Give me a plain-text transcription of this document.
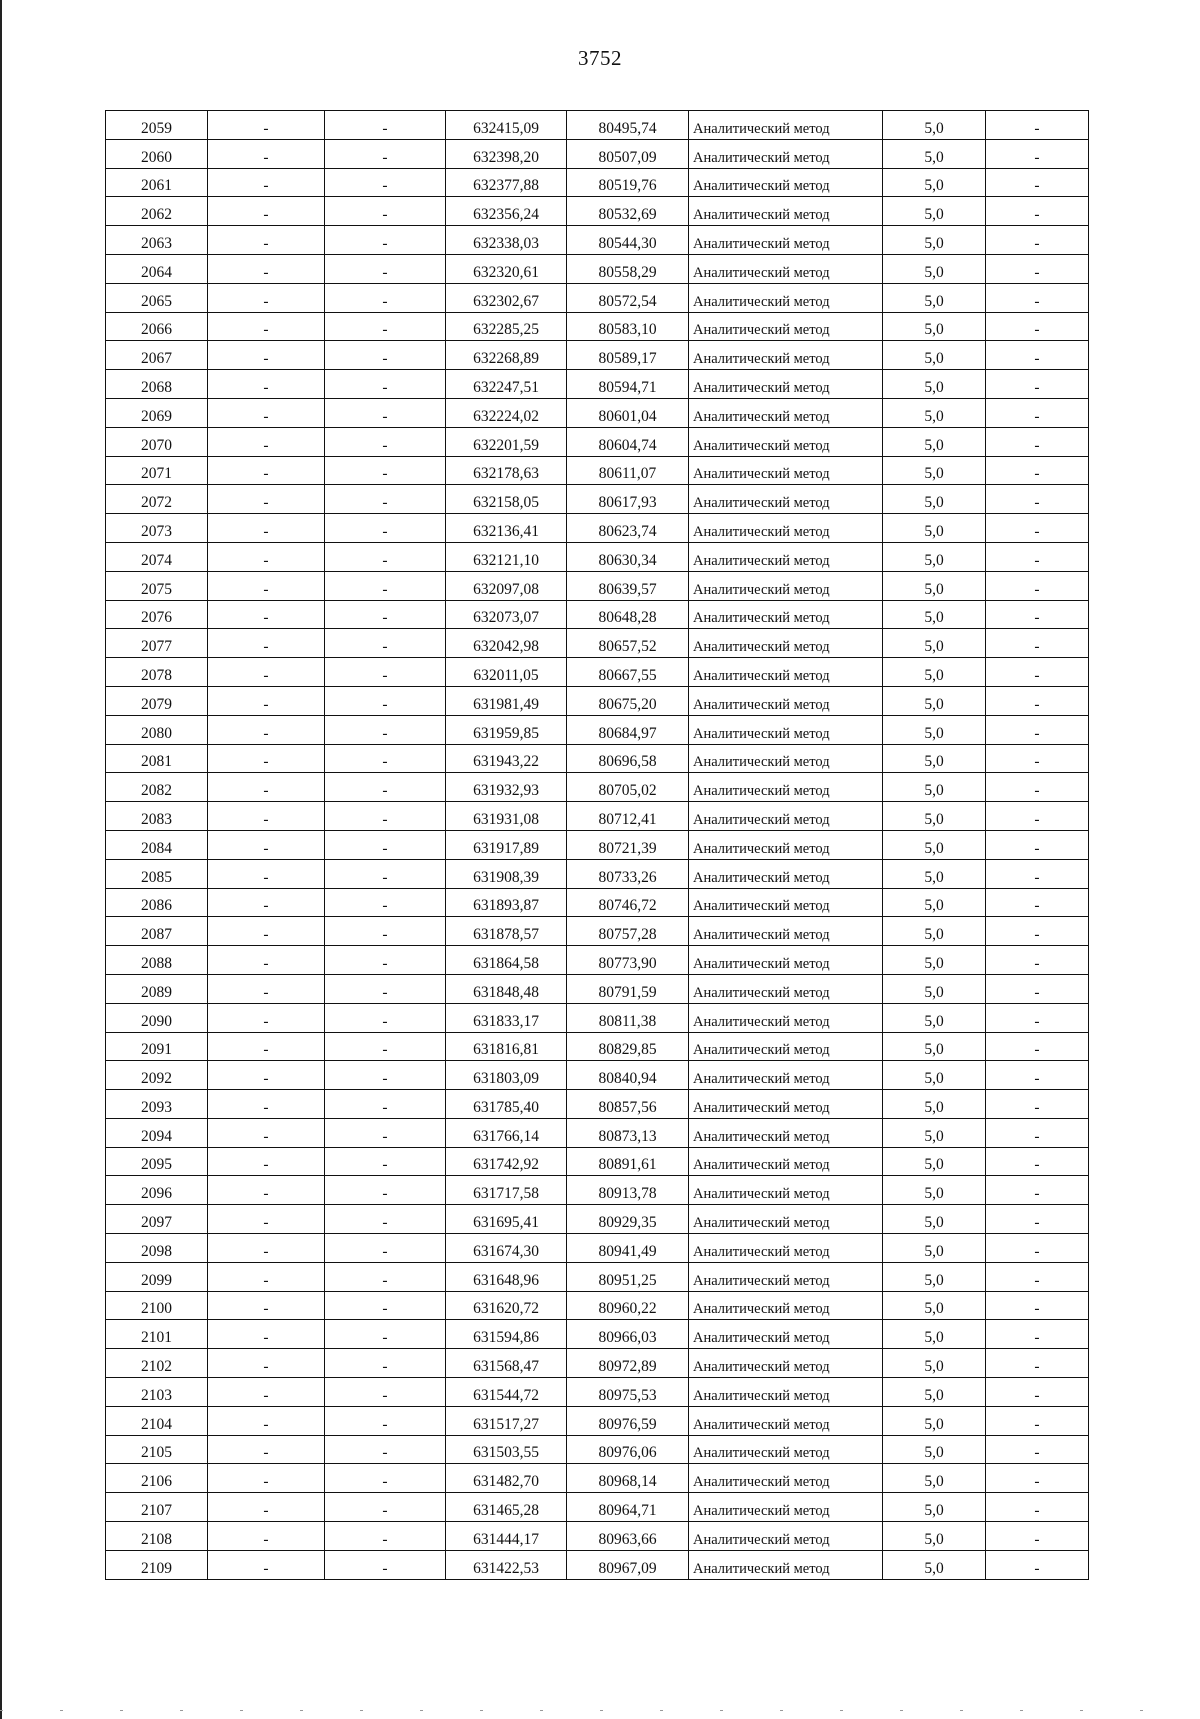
3752
2059	-	-	632415,09	80495,74	Аналитический метод	5,0	-
2060	-	-	632398,20	80507,09	Аналитический метод	5,0	-
2061	-	-	632377,88	80519,76	Аналитический метод	5,0	-
2062	-	-	632356,24	80532,69	Аналитический метод	5,0	-
2063	-	-	632338,03	80544,30	Аналитический метод	5,0	-
2064	-	-	632320,61	80558,29	Аналитический метод	5,0	-
2065	-	-	632302,67	80572,54	Аналитический метод	5,0	-
2066	-	-	632285,25	80583,10	Аналитический метод	5,0	-
2067	-	-	632268,89	80589,17	Аналитический метод	5,0	-
2068	-	-	632247,51	80594,71	Аналитический метод	5,0	-
2069	-	-	632224,02	80601,04	Аналитический метод	5,0	-
2070	-	-	632201,59	80604,74	Аналитический метод	5,0	-
2071	-	-	632178,63	80611,07	Аналитический метод	5,0	-
2072	-	-	632158,05	80617,93	Аналитический метод	5,0	-
2073	-	-	632136,41	80623,74	Аналитический метод	5,0	-
2074	-	-	632121,10	80630,34	Аналитический метод	5,0	-
2075	-	-	632097,08	80639,57	Аналитический метод	5,0	-
2076	-	-	632073,07	80648,28	Аналитический метод	5,0	-
2077	-	-	632042,98	80657,52	Аналитический метод	5,0	-
2078	-	-	632011,05	80667,55	Аналитический метод	5,0	-
2079	-	-	631981,49	80675,20	Аналитический метод	5,0	-
2080	-	-	631959,85	80684,97	Аналитический метод	5,0	-
2081	-	-	631943,22	80696,58	Аналитический метод	5,0	-
2082	-	-	631932,93	80705,02	Аналитический метод	5,0	-
2083	-	-	631931,08	80712,41	Аналитический метод	5,0	-
2084	-	-	631917,89	80721,39	Аналитический метод	5,0	-
2085	-	-	631908,39	80733,26	Аналитический метод	5,0	-
2086	-	-	631893,87	80746,72	Аналитический метод	5,0	-
2087	-	-	631878,57	80757,28	Аналитический метод	5,0	-
2088	-	-	631864,58	80773,90	Аналитический метод	5,0	-
2089	-	-	631848,48	80791,59	Аналитический метод	5,0	-
2090	-	-	631833,17	80811,38	Аналитический метод	5,0	-
2091	-	-	631816,81	80829,85	Аналитический метод	5,0	-
2092	-	-	631803,09	80840,94	Аналитический метод	5,0	-
2093	-	-	631785,40	80857,56	Аналитический метод	5,0	-
2094	-	-	631766,14	80873,13	Аналитический метод	5,0	-
2095	-	-	631742,92	80891,61	Аналитический метод	5,0	-
2096	-	-	631717,58	80913,78	Аналитический метод	5,0	-
2097	-	-	631695,41	80929,35	Аналитический метод	5,0	-
2098	-	-	631674,30	80941,49	Аналитический метод	5,0	-
2099	-	-	631648,96	80951,25	Аналитический метод	5,0	-
2100	-	-	631620,72	80960,22	Аналитический метод	5,0	-
2101	-	-	631594,86	80966,03	Аналитический метод	5,0	-
2102	-	-	631568,47	80972,89	Аналитический метод	5,0	-
2103	-	-	631544,72	80975,53	Аналитический метод	5,0	-
2104	-	-	631517,27	80976,59	Аналитический метод	5,0	-
2105	-	-	631503,55	80976,06	Аналитический метод	5,0	-
2106	-	-	631482,70	80968,14	Аналитический метод	5,0	-
2107	-	-	631465,28	80964,71	Аналитический метод	5,0	-
2108	-	-	631444,17	80963,66	Аналитический метод	5,0	-
2109	-	-	631422,53	80967,09	Аналитический метод	5,0	-
